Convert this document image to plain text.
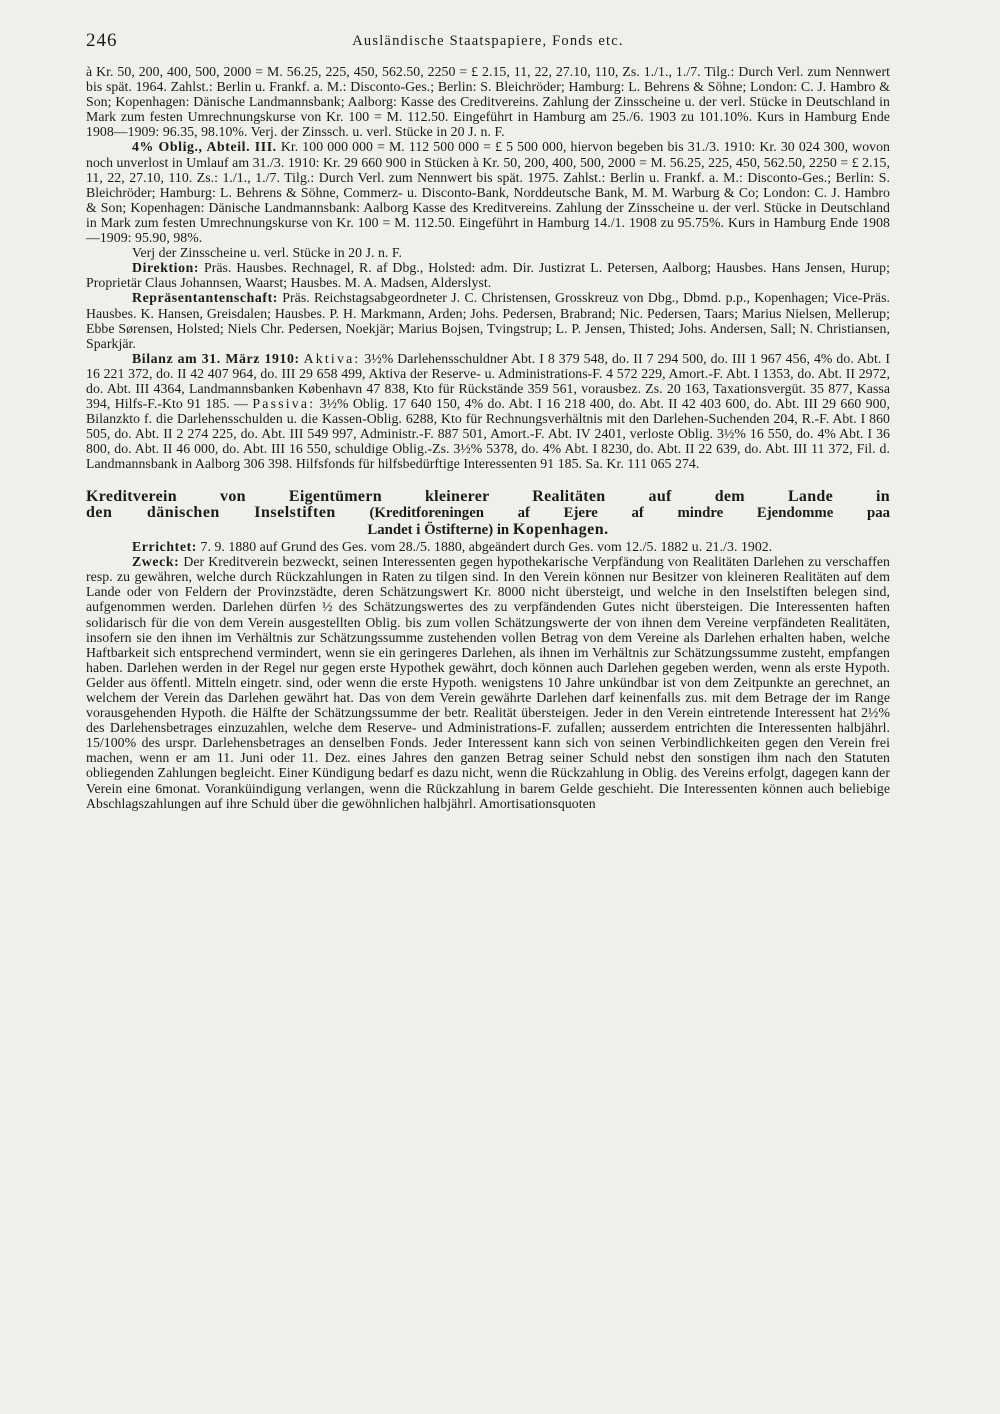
246	Ausländische Staatspapiere, Fonds etc.

à Kr. 50, 200, 400, 500, 2000 = M. 56.25, 225, 450, 562.50, 2250 = £ 2.15, 11, 22, 27.10, 110, Zs. 1./1., 1./7. Tilg.: Durch Verl. zum Nennwert bis spät. 1964. Zahlst.: Berlin u. Frankf. a. M.: Disconto-Ges.; Berlin: S. Bleichröder; Hamburg: L. Behrens & Söhne; London: C. J. Hambro & Son; Kopenhagen: Dänische Landmannsbank; Aalborg: Kasse des Creditvereins. Zahlung der Zinsscheine u. der verl. Stücke in Deutschland in Mark zum festen Umrechnungskurse von Kr. 100 = M. 112.50. Eingeführt in Hamburg am 25./6. 1903 zu 101.10%. Kurs in Hamburg Ende 1908—1909: 96.35, 98.10%. Verj. der Zinssch. u. verl. Stücke in 20 J. n. F.

4% Oblig., Abteil. III. Kr. 100 000 000 = M. 112 500 000 = £ 5 500 000, hiervon begeben bis 31./3. 1910: Kr. 30 024 300, wovon noch unverlost in Umlauf am 31./3. 1910: Kr. 29 660 900 in Stücken à Kr. 50, 200, 400, 500, 2000 = M. 56.25, 225, 450, 562.50, 2250 = £ 2.15, 11, 22, 27.10, 110. Zs.: 1./1., 1./7. Tilg.: Durch Verl. zum Nennwert bis spät. 1975. Zahlst.: Berlin u. Frankf. a. M.: Disconto-Ges.; Berlin: S. Bleichröder; Hamburg: L. Behrens & Söhne, Commerz- u. Disconto-Bank, Norddeutsche Bank, M. M. Warburg & Co; London: C. J. Hambro & Son; Kopenhagen: Dänische Landmannsbank: Aalborg Kasse des Kreditvereins. Zahlung der Zinsscheine u. der verl. Stücke in Deutschland in Mark zum festen Umrechnungskurse von Kr. 100 = M. 112.50. Eingeführt in Hamburg 14./1. 1908 zu 95.75%. Kurs in Hamburg Ende 1908—1909: 95.90, 98%.

Verj der Zinsscheine u. verl. Stücke in 20 J. n. F.

Direktion: Präs. Hausbes. Rechnagel, R. af Dbg., Holsted: adm. Dir. Justizrat L. Petersen, Aalborg; Hausbes. Hans Jensen, Hurup; Proprietär Claus Johannsen, Waarst; Hausbes. M. A. Madsen, Alderslyst.

Repräsentantenschaft: Präs. Reichstagsabgeordneter J. C. Christensen, Grosskreuz von Dbg., Dbmd. p.p., Kopenhagen; Vice-Präs. Hausbes. K. Hansen, Greisdalen; Hausbes. P. H. Markmann, Arden; Johs. Pedersen, Brabrand; Nic. Pedersen, Taars; Marius Nielsen, Mellerup; Ebbe Sørensen, Holsted; Niels Chr. Pedersen, Noekjär; Marius Bojsen, Tvingstrup; L. P. Jensen, Thisted; Johs. Andersen, Sall; N. Christiansen, Sparkjär.

Bilanz am 31. März 1910: Aktiva: 3½% Darlehensschuldner Abt. I 8 379 548, do. II 7 294 500, do. III 1 967 456, 4% do. Abt. I 16 221 372, do. II 42 407 964, do. III 29 658 499, Aktiva der Reserve- u. Administrations-F. 4 572 229, Amort.-F. Abt. I 1353, do. Abt. II 2972, do. Abt. III 4364, Landmannsbanken København 47 838, Kto für Rückstände 359 561, vorausbez. Zs. 20 163, Taxationsvergüt. 35 877, Kassa 394, Hilfs-F.-Kto 91 185. — Passiva: 3½% Oblig. 17 640 150, 4% do. Abt. I 16 218 400, do. Abt. II 42 403 600, do. Abt. III 29 660 900, Bilanzkto f. die Darlehensschulden u. die Kassen-Oblig. 6288, Kto für Rechnungsverhältnis mit den Darlehen-Suchenden 204, R.-F. Abt. I 860 505, do. Abt. II 2 274 225, do. Abt. III 549 997, Administr.-F. 887 501, Amort.-F. Abt. IV 2401, verloste Oblig. 3½% 16 550, do. 4% Abt. I 36 800, do. Abt. II 46 000, do. Abt. III 16 550, schuldige Oblig.-Zs. 3½% 5378, do. 4% Abt. I 8230, do. Abt. II 22 639, do. Abt. III 11 372, Fil. d. Landmannsbank in Aalborg 306 398. Hilfsfonds für hilfsbedürftige Interessenten 91 185. Sa. Kr. 111 065 274.

Kreditverein von Eigentümern kleinerer Realitäten auf dem Lande in
den dänischen Inselstiften (Kreditforeningen af Ejere af mindre Ejendomme paa
Landet i Östifterne) in Kopenhagen.

Errichtet: 7. 9. 1880 auf Grund des Ges. vom 28./5. 1880, abgeändert durch Ges. vom 12./5. 1882 u. 21./3. 1902.

Zweck: Der Kreditverein bezweckt, seinen Interessenten gegen hypothekarische Verpfändung von Realitäten Darlehen zu verschaffen resp. zu gewähren, welche durch Rückzahlungen in Raten zu tilgen sind. In den Verein können nur Besitzer von kleineren Realitäten auf dem Lande oder von Feldern der Provinzstädte, deren Schätzungswert Kr. 8000 nicht übersteigt, und welche in den Inselstiften belegen sind, aufgenommen werden. Darlehen dürfen ½ des Schätzungswertes des zu verpfändenden Gutes nicht übersteigen. Die Interessenten haften solidarisch für die von dem Verein ausgestellten Oblig. bis zum vollen Schätzungswerte der von ihnen dem Vereine verpfändeten Realitäten, insofern sie den ihnen im Verhältnis zur Schätzungssumme zustehenden vollen Betrag von dem Vereine als Darlehen erhalten haben, welche Haftbarkeit sich entsprechend vermindert, wenn sie ein geringeres Darlehen, als ihnen im Verhältnis zur Schätzungssumme zusteht, empfangen haben. Darlehen werden in der Regel nur gegen erste Hypothek gewährt, doch können auch Darlehen gegeben werden, wenn als erste Hypoth. Gelder aus öffentl. Mitteln eingetr. sind, oder wenn die erste Hypoth. wenigstens 10 Jahre unkündbar ist von dem Zeitpunkte an gerechnet, an welchem der Verein das Darlehen gewährt hat. Das von dem Verein gewährte Darlehen darf keinenfalls zus. mit dem Betrage der im Range vorausgehenden Hypoth. die Hälfte der Schätzungssumme der betr. Realität übersteigen. Jeder in den Verein eintretende Interessent hat 2½% des Darlehensbetrages einzuzahlen, welche dem Reserve- und Administrations-F. zufallen; ausserdem entrichten die Interessenten halbjährl. 15/100% des urspr. Darlehensbetrages an denselben Fonds. Jeder Interessent kann sich von seinen Verbindlichkeiten gegen den Verein frei machen, wenn er am 11. Juni oder 11. Dez. eines Jahres den ganzen Betrag seiner Schuld nebst den sonstigen ihm nach den Statuten obliegenden Zahlungen begleicht. Einer Kündigung bedarf es dazu nicht, wenn die Rückzahlung in Oblig. des Vereins erfolgt, dagegen kann der Verein eine 6monat. Voranküindigung verlangen, wenn die Rückzahlung in barem Gelde geschieht. Die Interessenten können auch beliebige Abschlagszahlungen auf ihre Schuld über die gewöhnlichen halbjährl. Amortisationsquoten
